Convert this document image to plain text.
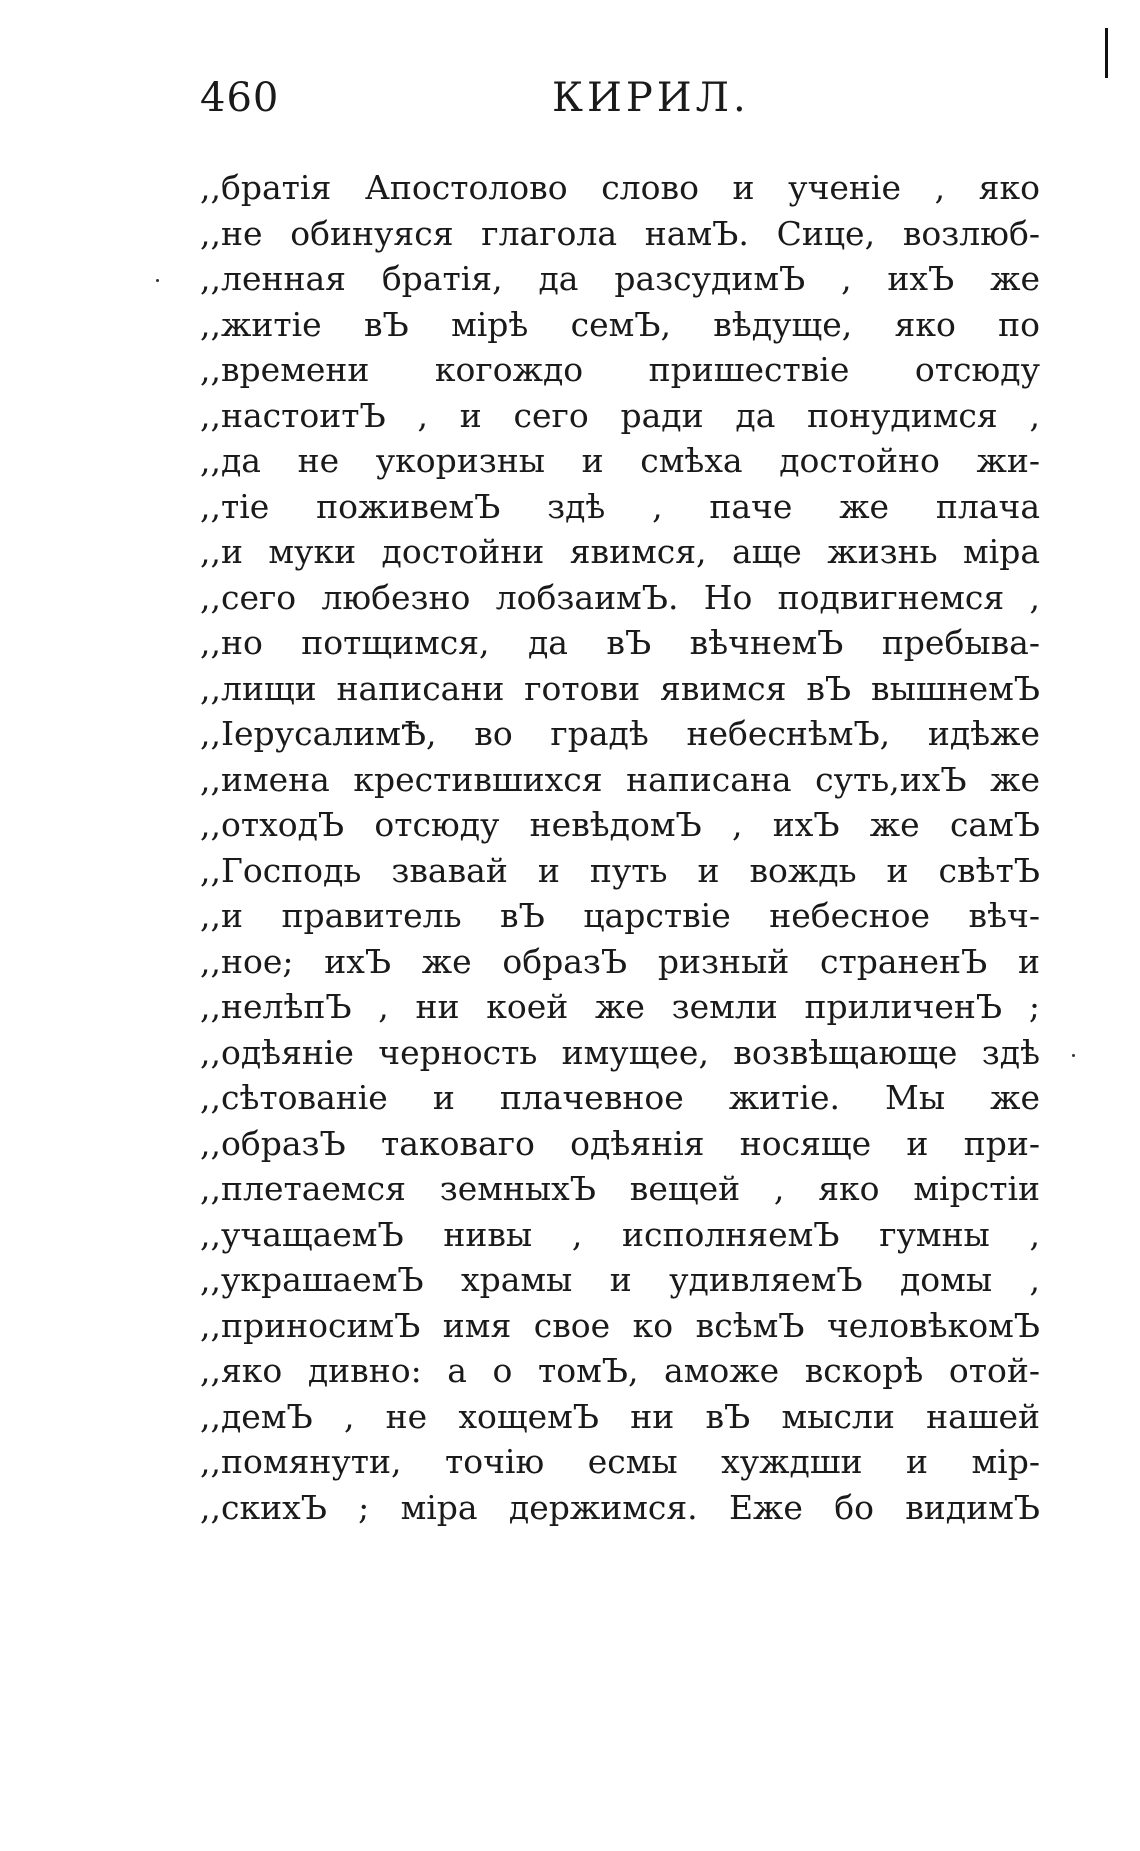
460	КИРИЛ.
,,братія Апостолово слово и ученіе , яко
,,не обинуяся глагола намЪ. Сице, возлюб-
,,ленная братія, да разсудимЪ , ихЪ же
,,житіе вЪ мірѣ семЪ, вѣдуще, яко по
,,времени когождо пришествіе отсюду
,,настоитЪ , и сего ради да понудимся ,
,,да не укоризны и смѣха достойно жи-
,,тіе поживемЪ здѣ , паче же плача
,,и муки достойни явимся, аще жизнь міра
,,сего любезно лобзаимЪ. Но подвигнемся ,
,,но потщимся, да вЪ вѣчнемЪ пребыва-
,,лищи написани готови явимся вЪ вышнемЪ
,,ІерусалимѢ, во градѣ небеснѣмЪ, идѣже
,,имена крестившихся написана суть,ихЪ же
,,отходЪ отсюду невѣдомЪ , ихЪ же самЪ
,,Господь звавай и путь и вождь и свѣтЪ
,,и правитель вЪ царствіе небесное вѣч-
,,ное; ихЪ же образЪ ризный страненЪ и
,,нелѣпЪ , ни коей же земли приличенЪ ;
,,одѣяніе черность имущее, возвѣщающе здѣ
,,сѣтованіе и плачевное житіе. Мы же
,,образЪ таковаго одѣянія носяще и при-
,,плетаемся земныхЪ вещей , яко мірстіи
,,учащаемЪ нивы , исполняемЪ гумны ,
,,украшаемЪ храмы и удивляемЪ домы ,
,,приносимЪ имя свое ко всѣмЪ человѣкомЪ
,,яко дивно: а о томЪ, аможе вскорѣ отой-
,,демЪ , не хощемЪ ни вЪ мысли нашей
,,помянути, точію есмы хуждши и мір-
,,скихЪ ; міра держимся. Еже бо видимЪ
